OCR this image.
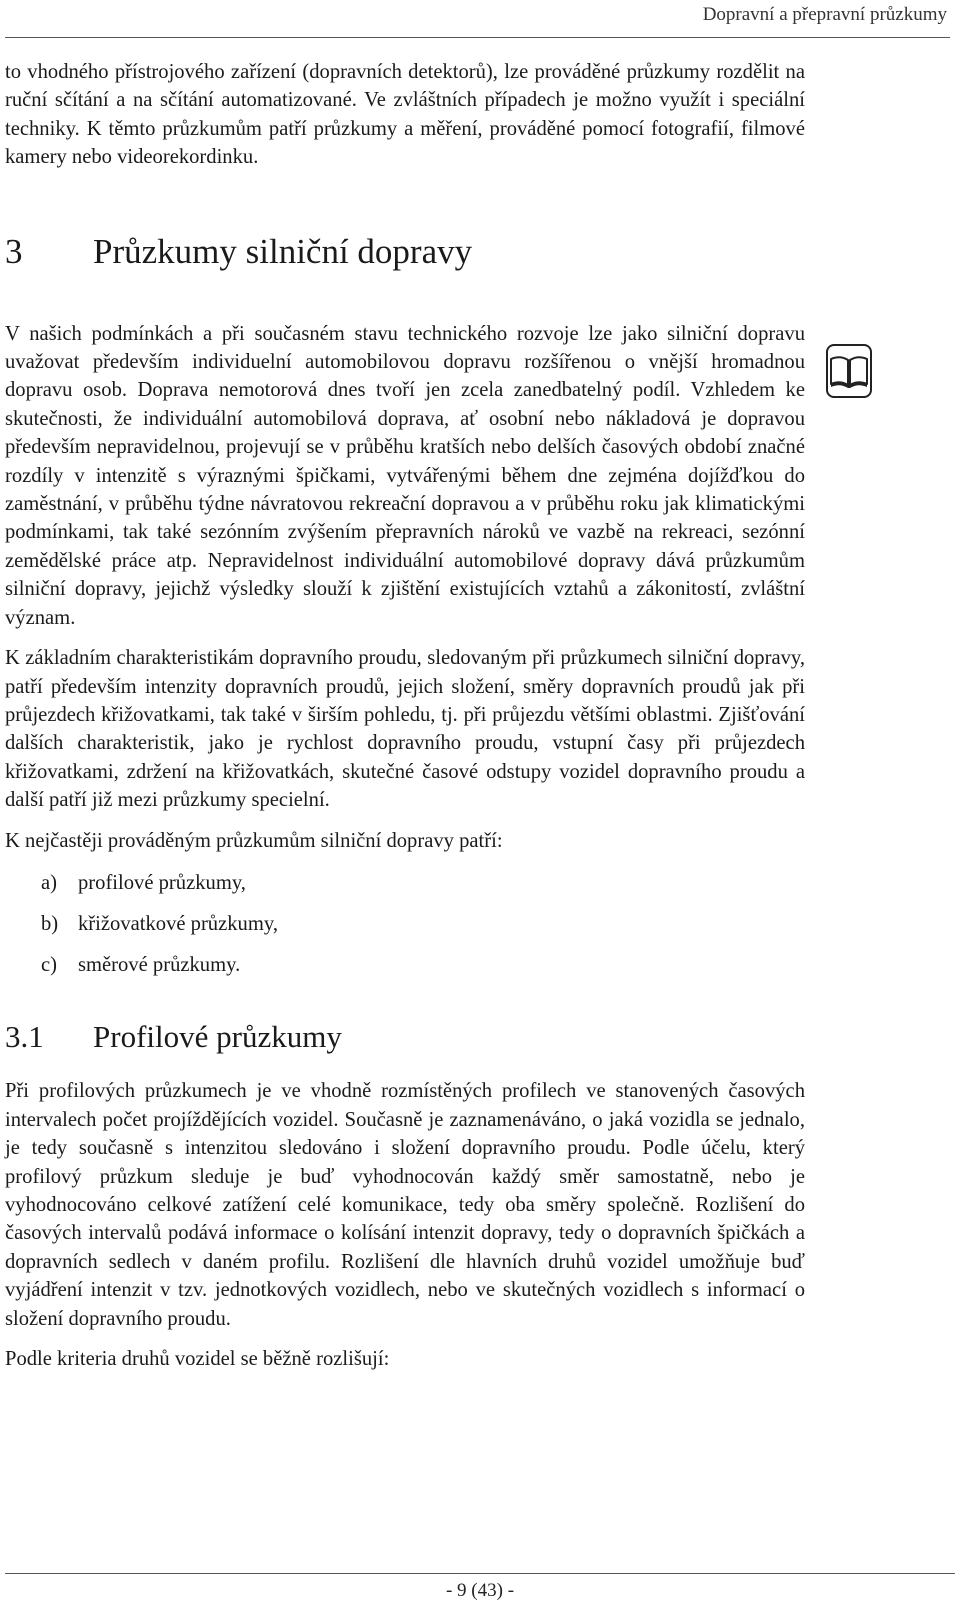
Dopravní a přepravní průzkumy

to vhodného přístrojového zařízení (dopravních detektorů), lze prováděné průzkumy rozdělit na ruční sčítání a na sčítání automatizované. Ve zvláštních případech je možno využít i speciální techniky. K těmto průzkumům patří průzkumy a měření, prováděné pomocí fotografií, filmové kamery nebo videorekordinku.

3 Průzkumy silniční dopravy

V našich podmínkách a při současném stavu technického rozvoje lze jako silniční dopravu uvažovat především individuelní automobilovou dopravu rozšířenou o vnější hromadnou dopravu osob. Doprava nemotorová dnes tvoří jen zcela zanedbatelný podíl. Vzhledem ke skutečnosti, že individuální automobilová doprava, ať osobní nebo nákladová je dopravou především nepravidelnou, projevují se v průběhu kratších nebo delších časových období značné rozdíly v intenzitě s výraznými špičkami, vytvářenými během dne zejména dojížďkou do zaměstnání, v průběhu týdne návratovou rekreační dopravou a v průběhu roku jak klimatickými podmínkami, tak také sezónním zvýšením přepravních nároků ve vazbě na rekreaci, sezónní zemědělské práce atp. Nepravidelnost individuální automobilové dopravy dává průzkumům silniční dopravy, jejichž výsledky slouží k zjištění existujících vztahů a zákonitostí, zvláštní význam.

K základním charakteristikám dopravního proudu, sledovaným při průzkumech silniční dopravy, patří především intenzity dopravních proudů, jejich složení, směry dopravních proudů jak při průjezdech křižovatkami, tak také v širším pohledu, tj. při průjezdu většími oblastmi. Zjišťování dalších charakteristik, jako je rychlost dopravního proudu, vstupní časy při průjezdech křižovatkami, zdržení na křižovatkách, skutečné časové odstupy vozidel dopravního proudu a další patří již mezi průzkumy specielní.

K nejčastěji prováděným průzkumům silniční dopravy patří:

a) profilové průzkumy,
b) křižovatkové průzkumy,
c) směrové průzkumy.
3.1 Profilové průzkumy

Při profilových průzkumech je ve vhodně rozmístěných profilech ve stanovených časových intervalech počet projíždějících vozidel. Současně je zaznamenáváno, o jaká vozidla se jednalo, je tedy současně s intenzitou sledováno i složení dopravního proudu. Podle účelu, který profilový průzkum sleduje je buď vyhodnocován každý směr samostatně, nebo je vyhodnocováno celkové zatížení celé komunikace, tedy oba směry společně. Rozlišení do časových intervalů podává informace o kolísání intenzit dopravy, tedy o dopravních špičkách a dopravních sedlech v daném profilu. Rozlišení dle hlavních druhů vozidel umožňuje buď vyjádření intenzit v tzv. jednotkových vozidlech, nebo ve skutečných vozidlech s informací o složení dopravního proudu.

Podle kriteria druhů vozidel se běžně rozlišují:

- 9 (43) -
